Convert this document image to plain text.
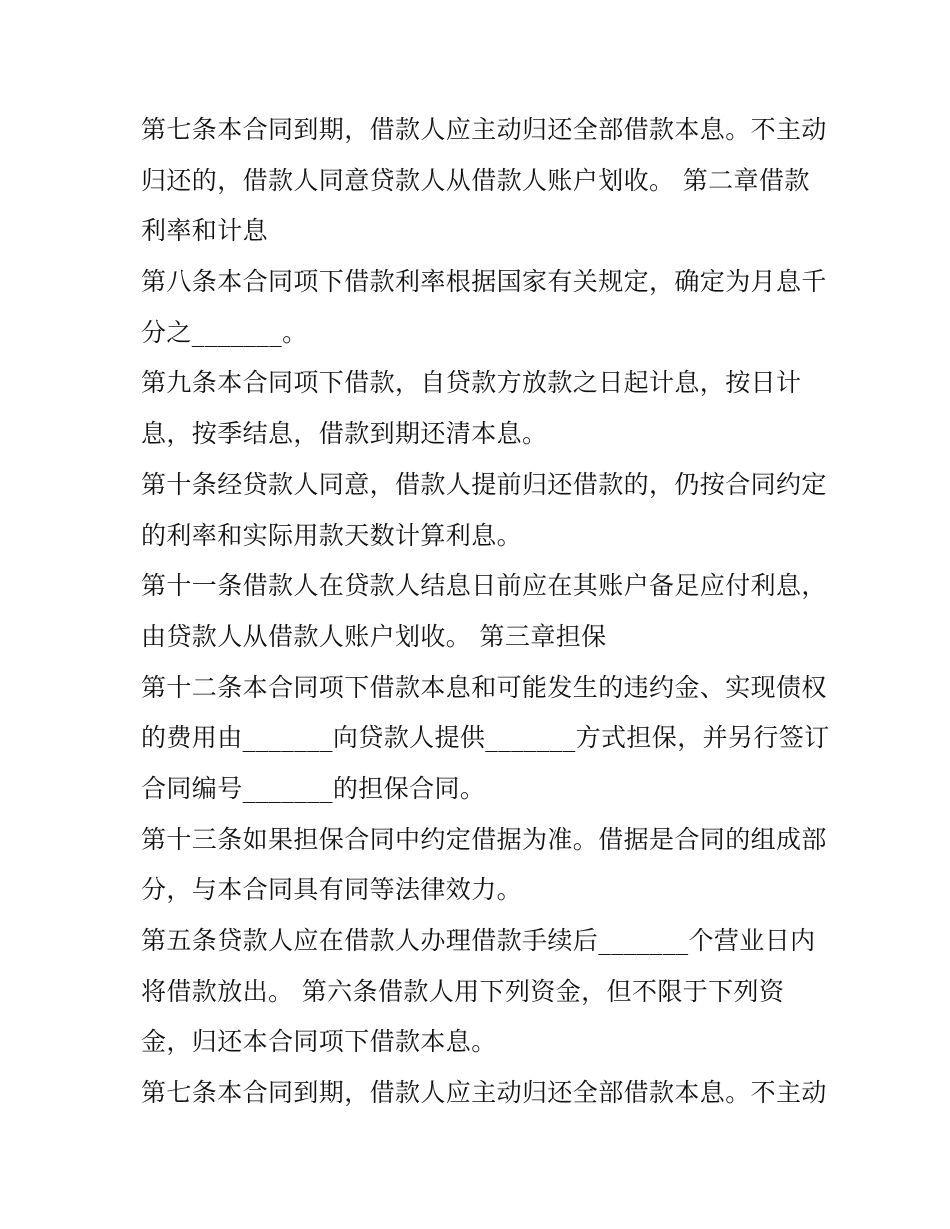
第七条本合同到期，借款人应主动归还全部借款本息。不主动
归还的，借款人同意贷款人从借款人账户划收。 第二章借款
利率和计息
第八条本合同项下借款利率根据国家有关规定，确定为月息千
分之_______。
第九条本合同项下借款，自贷款方放款之日起计息，按日计
息，按季结息，借款到期还清本息。
第十条经贷款人同意，借款人提前归还借款的，仍按合同约定
的利率和实际用款天数计算利息。
第十一条借款人在贷款人结息日前应在其账户备足应付利息，
由贷款人从借款人账户划收。 第三章担保
第十二条本合同项下借款本息和可能发生的违约金、实现债权
的费用由_______向贷款人提供_______方式担保，并另行签订
合同编号_______的担保合同。
第十三条如果担保合同中约定借据为准。借据是合同的组成部
分，与本合同具有同等法律效力。
第五条贷款人应在借款人办理借款手续后_______个营业日内
将借款放出。 第六条借款人用下列资金，但不限于下列资
金，归还本合同项下借款本息。
第七条本合同到期，借款人应主动归还全部借款本息。不主动
